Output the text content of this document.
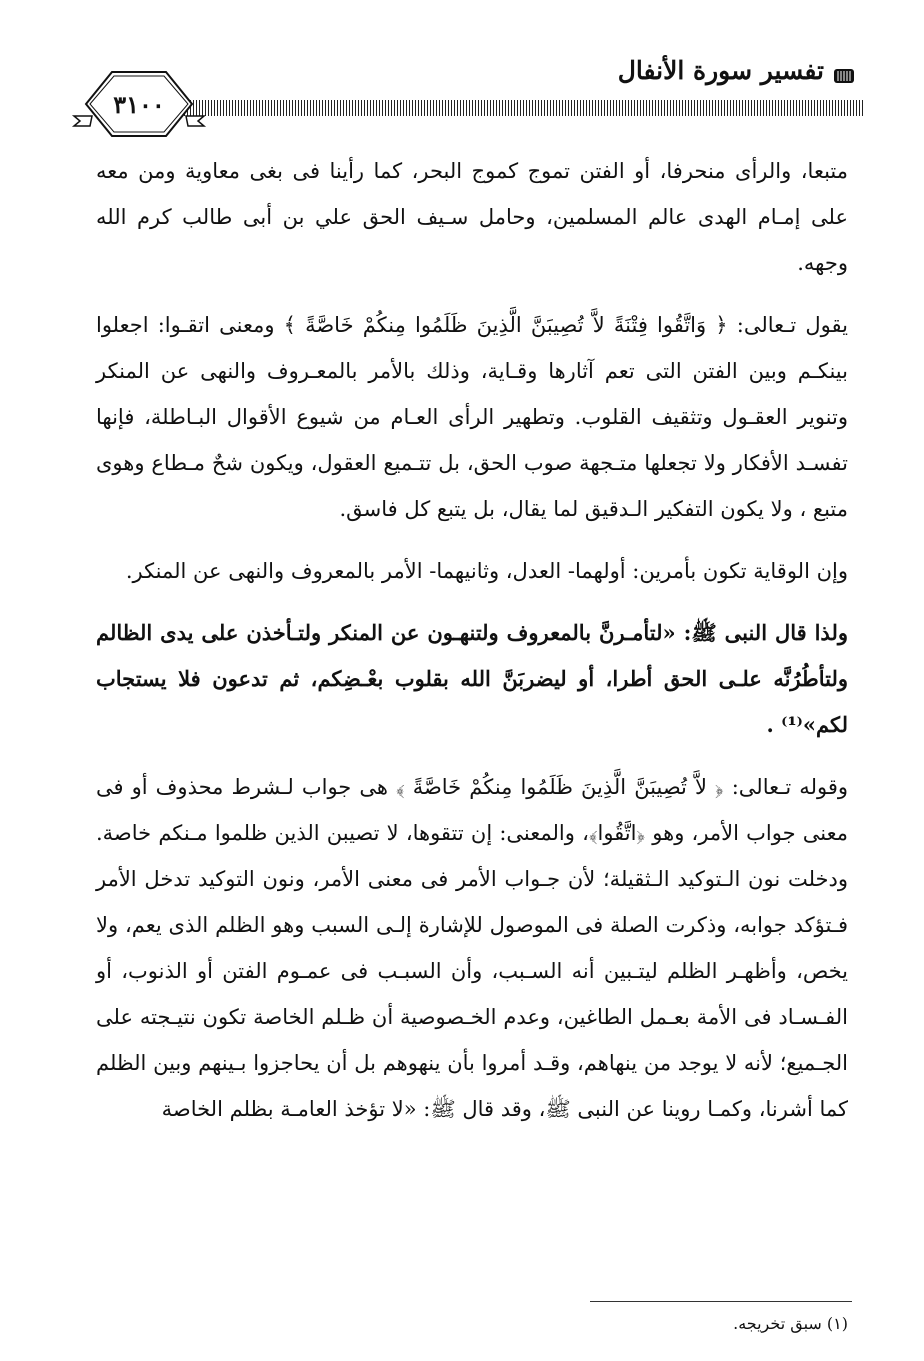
تفسير سورة الأنفال
٣١٠٠

متبعا، والرأى منحرفا، أو الفتن تموج كموج البحر، كما رأينا فى بغى معاوية ومن معه على إمـام الهدى عالم المسلمين، وحامل سـيف الحق علي بن أبى طالب كرم الله وجهه.

يقول تـعالى: ﴿ وَاتَّقُوا فِتْنَةً لاَّ تُصِيبَنَّ الَّذِينَ ظَلَمُوا مِنكُمْ خَاصَّةً ﴾ ومعنى اتقـوا: اجعلوا بينكـم وبين الفتن التى تعم آثارها وقـاية، وذلك بالأمر بالمعـروف والنهى عن المنكر وتنوير العقـول وتثقيف القلوب. وتطهير الرأى العـام من شيوع الأقوال البـاطلة، فإنها تفسـد الأفكار ولا تجعلها متـجهة صوب الحق، بل تتـميع العقول، ويكون شحٌ مـطاع وهوى متبع ، ولا يكون التفكير الـدقيق لما يقال، بل يتبع كل فاسق.

وإن الوقاية تكون بأمرين: أولهما- العدل، وثانيهما- الأمر بالمعروف والنهى عن المنكر.

ولذا قال النبى ﷺ: «لتأمـرنَّ بالمعروف ولتنهـون عن المنكر ولتـأخذن على يدى الظالم ولتأطُرُنَّه علـى الحق أطرا، أو ليضربَنَّ الله بقلوب بعْـضِكم، ثم تدعون فلا يستجاب لكم»⁽¹⁾ .

وقوله تـعالى: ﴿ لاَّ تُصِيبَنَّ الَّذِينَ ظَلَمُوا مِنكُمْ خَاصَّةً ﴾ هى جواب لـشرط محذوف أو فى معنى جواب الأمر، وهو ﴿اتَّقُوا﴾، والمعنى: إن تتقوها، لا تصيبن الذين ظلموا مـنكم خاصة. ودخلت نون الـتوكيد الـثقيلة؛ لأن جـواب الأمر فى معنى الأمر، ونون التوكيد تدخل الأمر فـتؤكد جوابه، وذكرت الصلة فى الموصول للإشارة إلـى السبب وهو الظلم الذى يعم، ولا يخص، وأظهـر الظلم ليتـبين أنه السـبب، وأن السبـب فى عمـوم الفتن أو الذنوب، أو الفـسـاد فى الأمة بعـمل الطاغين، وعدم الخـصوصية أن ظـلم الخاصة تكون نتيـجته على الجـميع؛ لأنه لا يوجد من ينهاهم، وقـد أمروا بأن ينهوهم بل أن يحاجزوا بـينهم وبين الظلم كما أشرنا، وكمـا روينا عن النبى ﷺ، وقد قال ﷺ: «لا تؤخذ العامـة بظلم الخاصة

(١) سبق تخريجه.
